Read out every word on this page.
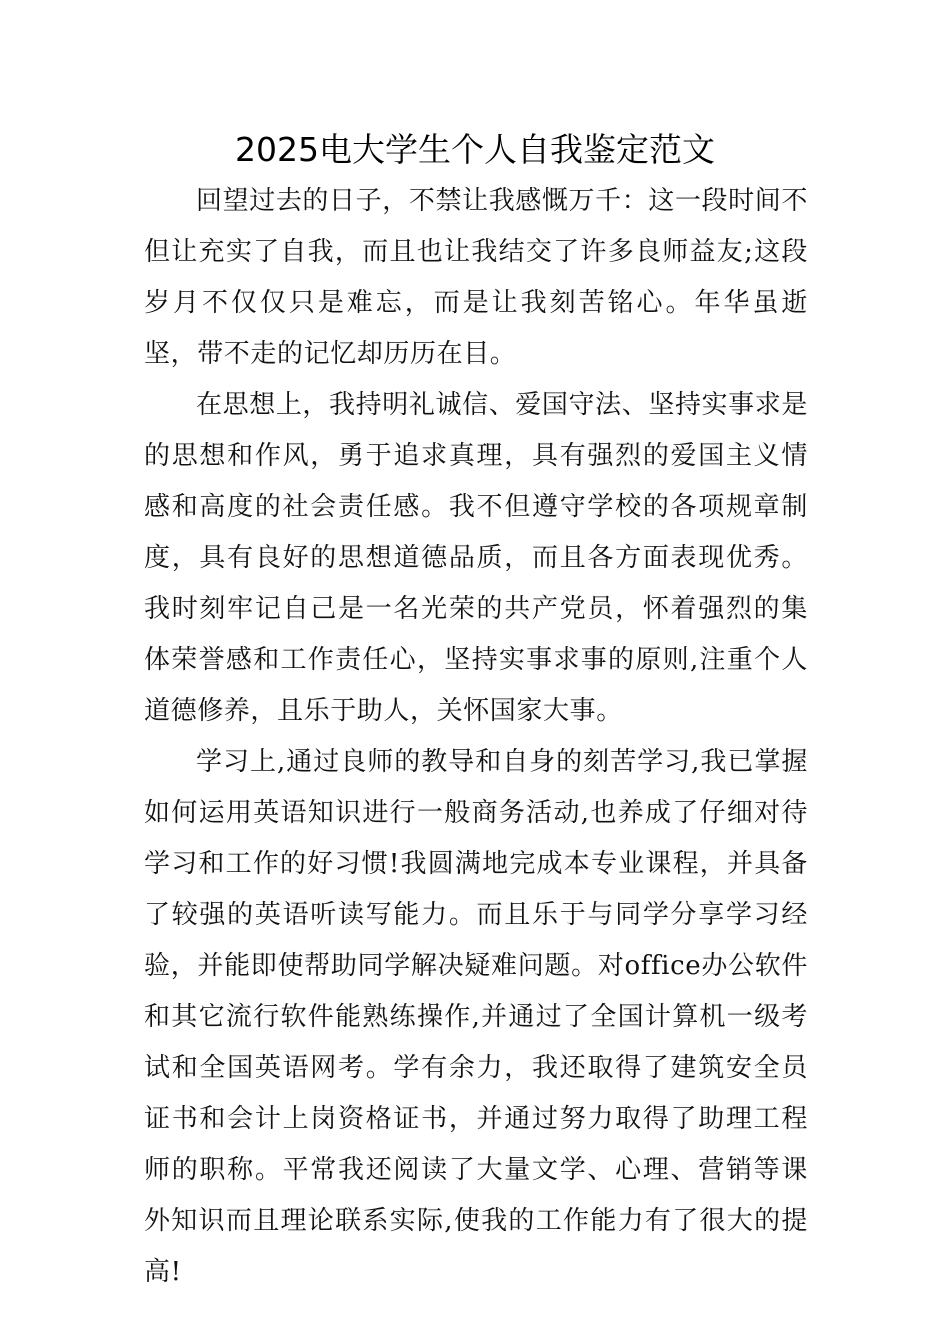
2025电大学生个人自我鉴定范文

回望过去的日子，不禁让我感慨万千：这一段时间不但让充实了自我，而且也让我结交了许多良师益友;这段岁月不仅仅只是难忘，而是让我刻苦铭心。年华虽逝坚，带不走的记忆却历历在目。

在思想上，我持明礼诚信、爱国守法、坚持实事求是的思想和作风，勇于追求真理，具有强烈的爱国主义情感和高度的社会责任感。我不但遵守学校的各项规章制度，具有良好的思想道德品质，而且各方面表现优秀。我时刻牢记自己是一名光荣的共产党员，怀着强烈的集体荣誉感和工作责任心，坚持实事求事的原则,注重个人道德修养，且乐于助人，关怀国家大事。

学习上,通过良师的教导和自身的刻苦学习,我已掌握如何运用英语知识进行一般商务活动,也养成了仔细对待学习和工作的好习惯!我圆满地完成本专业课程，并具备了较强的英语听读写能力。而且乐于与同学分享学习经验，并能即使帮助同学解决疑难问题。对office办公软件和其它流行软件能熟练操作,并通过了全国计算机一级考试和全国英语网考。学有余力，我还取得了建筑安全员证书和会计上岗资格证书，并通过努力取得了助理工程师的职称。平常我还阅读了大量文学、心理、营销等课外知识而且理论联系实际,使我的工作能力有了很大的提高!
